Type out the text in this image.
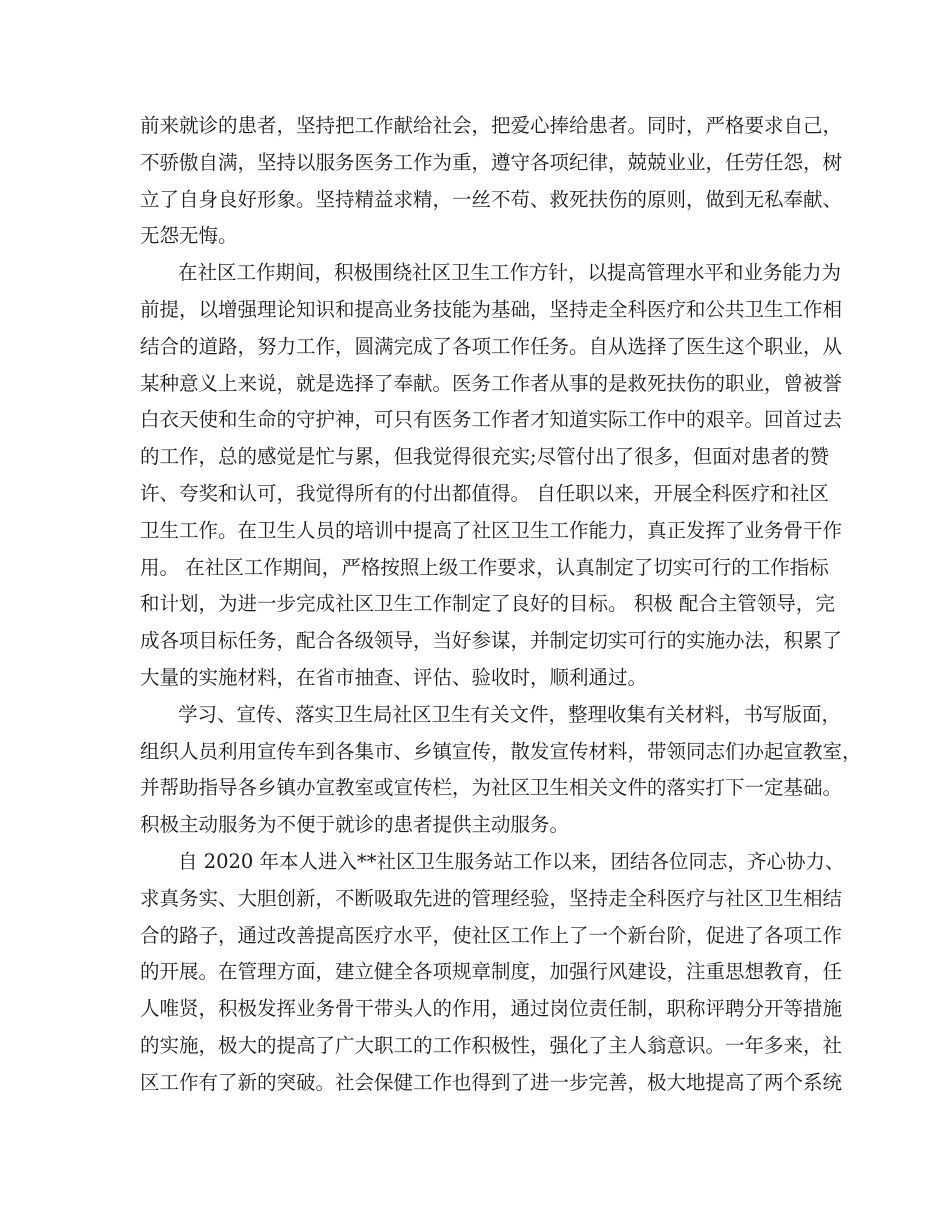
前来就诊的患者，坚持把工作献给社会，把爱心捧给患者。同时，严格要求自己，
不骄傲自满，坚持以服务医务工作为重，遵守各项纪律，兢兢业业，任劳任怨，树
立了自身良好形象。坚持精益求精，一丝不苟、救死扶伤的原则，做到无私奉献、
无怨无悔。
在社区工作期间，积极围绕社区卫生工作方针，以提高管理水平和业务能力为
前提，以增强理论知识和提高业务技能为基础，坚持走全科医疗和公共卫生工作相
结合的道路，努力工作，圆满完成了各项工作任务。自从选择了医生这个职业，从
某种意义上来说，就是选择了奉献。医务工作者从事的是救死扶伤的职业，曾被誉
白衣天使和生命的守护神，可只有医务工作者才知道实际工作中的艰辛。回首过去
的工作，总的感觉是忙与累，但我觉得很充实;尽管付出了很多，但面对患者的赞
许、夸奖和认可，我觉得所有的付出都值得。 自任职以来，开展全科医疗和社区
卫生工作。在卫生人员的培训中提高了社区卫生工作能力，真正发挥了业务骨干作
用。 在社区工作期间，严格按照上级工作要求，认真制定了切实可行的工作指标
和计划，为进一步完成社区卫生工作制定了良好的目标。 积极 配合主管领导，完
成各项目标任务，配合各级领导，当好参谋，并制定切实可行的实施办法，积累了
大量的实施材料，在省市抽查、评估、验收时，顺利通过。
学习、宣传、落实卫生局社区卫生有关文件，整理收集有关材料，书写版面，
组织人员利用宣传车到各集市、乡镇宣传，散发宣传材料，带领同志们办起宣教室，
并帮助指导各乡镇办宣教室或宣传栏，为社区卫生相关文件的落实打下一定基础。
积极主动服务为不便于就诊的患者提供主动服务。
自 2020 年本人进入**社区卫生服务站工作以来，团结各位同志，齐心协力、
求真务实、大胆创新，不断吸取先进的管理经验，坚持走全科医疗与社区卫生相结
合的路子，通过改善提高医疗水平，使社区工作上了一个新台阶，促进了各项工作
的开展。在管理方面，建立健全各项规章制度，加强行风建设，注重思想教育，任
人唯贤，积极发挥业务骨干带头人的作用，通过岗位责任制，职称评聘分开等措施
的实施，极大的提高了广大职工的工作积极性，强化了主人翁意识。一年多来，社
区工作有了新的突破。社会保健工作也得到了进一步完善，极大地提高了两个系统
